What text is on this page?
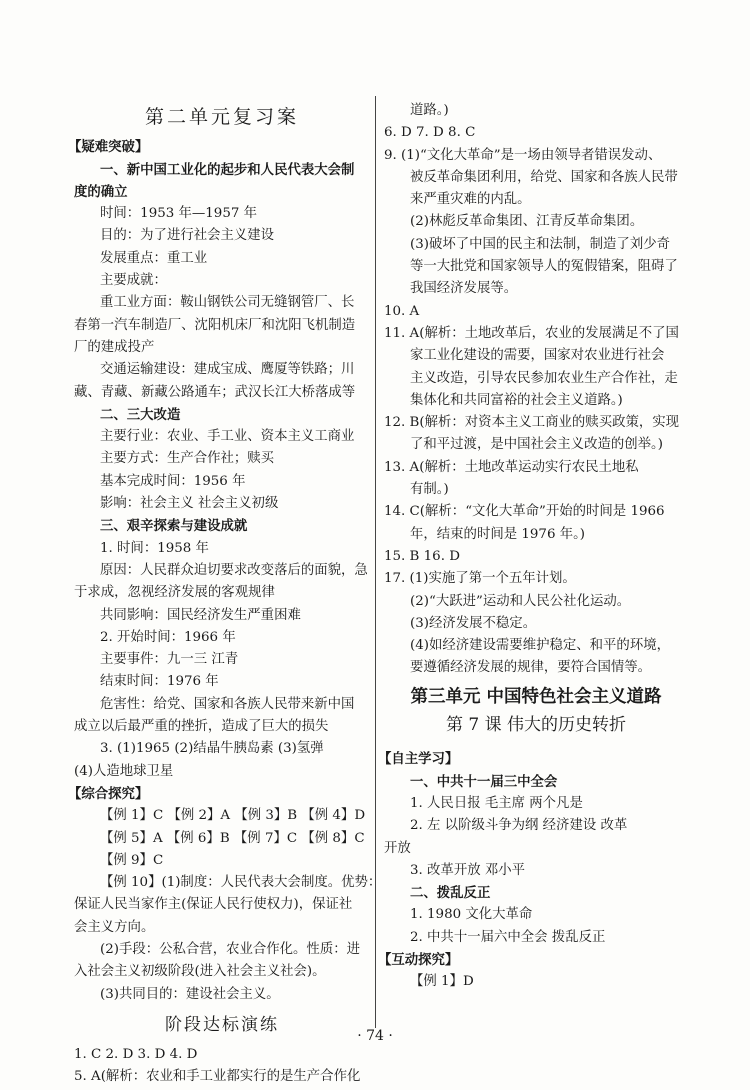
第二单元复习案
【疑难突破】
一、新中国工业化的起步和人民代表大会制
度的确立
时间：1953 年—1957 年
目的：为了进行社会主义建设
发展重点：重工业
主要成就：
重工业方面：鞍山钢铁公司无缝钢管厂、长
春第一汽车制造厂、沈阳机床厂和沈阳飞机制造
厂的建成投产
交通运输建设：建成宝成、鹰厦等铁路；川
藏、青藏、新藏公路通车；武汉长江大桥落成等
二、三大改造
主要行业：农业、手工业、资本主义工商业
主要方式：生产合作社；赎买
基本完成时间：1956 年
影响：社会主义 社会主义初级
三、艰辛探索与建设成就
1. 时间：1958 年
原因：人民群众迫切要求改变落后的面貌，急
于求成，忽视经济发展的客观规律
共同影响：国民经济发生严重困难
2. 开始时间：1966 年
主要事件：九一三 江青
结束时间：1976 年
危害性：给党、国家和各族人民带来新中国
成立以后最严重的挫折，造成了巨大的损失
3. (1)1965 (2)结晶牛胰岛素 (3)氢弹
(4)人造地球卫星
【综合探究】
【例 1】C 【例 2】A 【例 3】B 【例 4】D
【例 5】A 【例 6】B 【例 7】C 【例 8】C
【例 9】C
【例 10】(1)制度：人民代表大会制度。优势：
保证人民当家作主(保证人民行使权力)，保证社
会主义方向。
(2)手段：公私合营，农业合作化。性质：进
入社会主义初级阶段(进入社会主义社会)。
(3)共同目的：建设社会主义。
阶段达标演练
1. C 2. D 3. D 4. D
5. A(解析：农业和手工业都实行的是生产合作化
道路。)
6. D 7. D 8. C
9. (1)“文化大革命”是一场由领导者错误发动、
被反革命集团利用，给党、国家和各族人民带
来严重灾难的内乱。
(2)林彪反革命集团、江青反革命集团。
(3)破坏了中国的民主和法制，制造了刘少奇
等一大批党和国家领导人的冤假错案，阻碍了
我国经济发展等。
10. A
11. A(解析：土地改革后，农业的发展满足不了国
家工业化建设的需要，国家对农业进行社会
主义改造，引导农民参加农业生产合作社，走
集体化和共同富裕的社会主义道路。)
12. B(解析：对资本主义工商业的赎买政策，实现
了和平过渡，是中国社会主义改造的创举。)
13. A(解析：土地改革运动实行农民土地私
有制。)
14. C(解析：“文化大革命”开始的时间是 1966
年，结束的时间是 1976 年。)
15. B 16. D
17. (1)实施了第一个五年计划。
(2)“大跃进”运动和人民公社化运动。
(3)经济发展不稳定。
(4)如经济建设需要维护稳定、和平的环境，
要遵循经济发展的规律，要符合国情等。
第三单元 中国特色社会主义道路
第 7 课 伟大的历史转折
【自主学习】
一、中共十一届三中全会
1. 人民日报 毛主席 两个凡是
2. 左 以阶级斗争为纲 经济建设 改革
开放
3. 改革开放 邓小平
二、拨乱反正
1. 1980 文化大革命
2. 中共十一届六中全会 拨乱反正
【互动探究】
【例 1】D
· 74 ·
